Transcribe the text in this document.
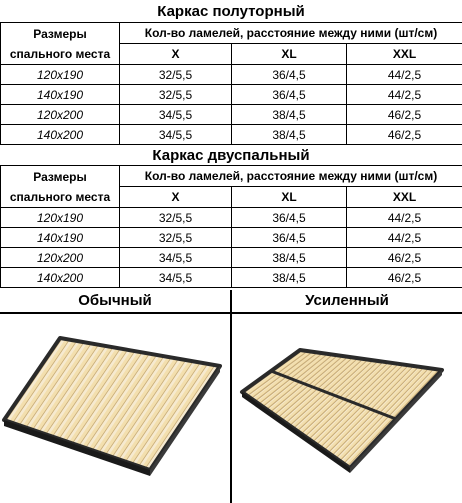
Каркас полуторный
Размеры спального места	Кол-во ламелей, расстояние между ними (шт/см)		
	X	XL	XXL
120х190	32/5,5	36/4,5	44/2,5
140х190	32/5,5	36/4,5	44/2,5
120х200	34/5,5	38/4,5	46/2,5
140х200	34/5,5	38/4,5	46/2,5
Каркас двуспальный
Размеры спального места	Кол-во ламелей, расстояние между ними (шт/см)		
	X	XL	XXL
120х190	32/5,5	36/4,5	44/2,5
140х190	32/5,5	36/4,5	44/2,5
120х200	34/5,5	38/4,5	46/2,5
140х200	34/5,5	38/4,5	46/2,5
Обычный	Усиленный
